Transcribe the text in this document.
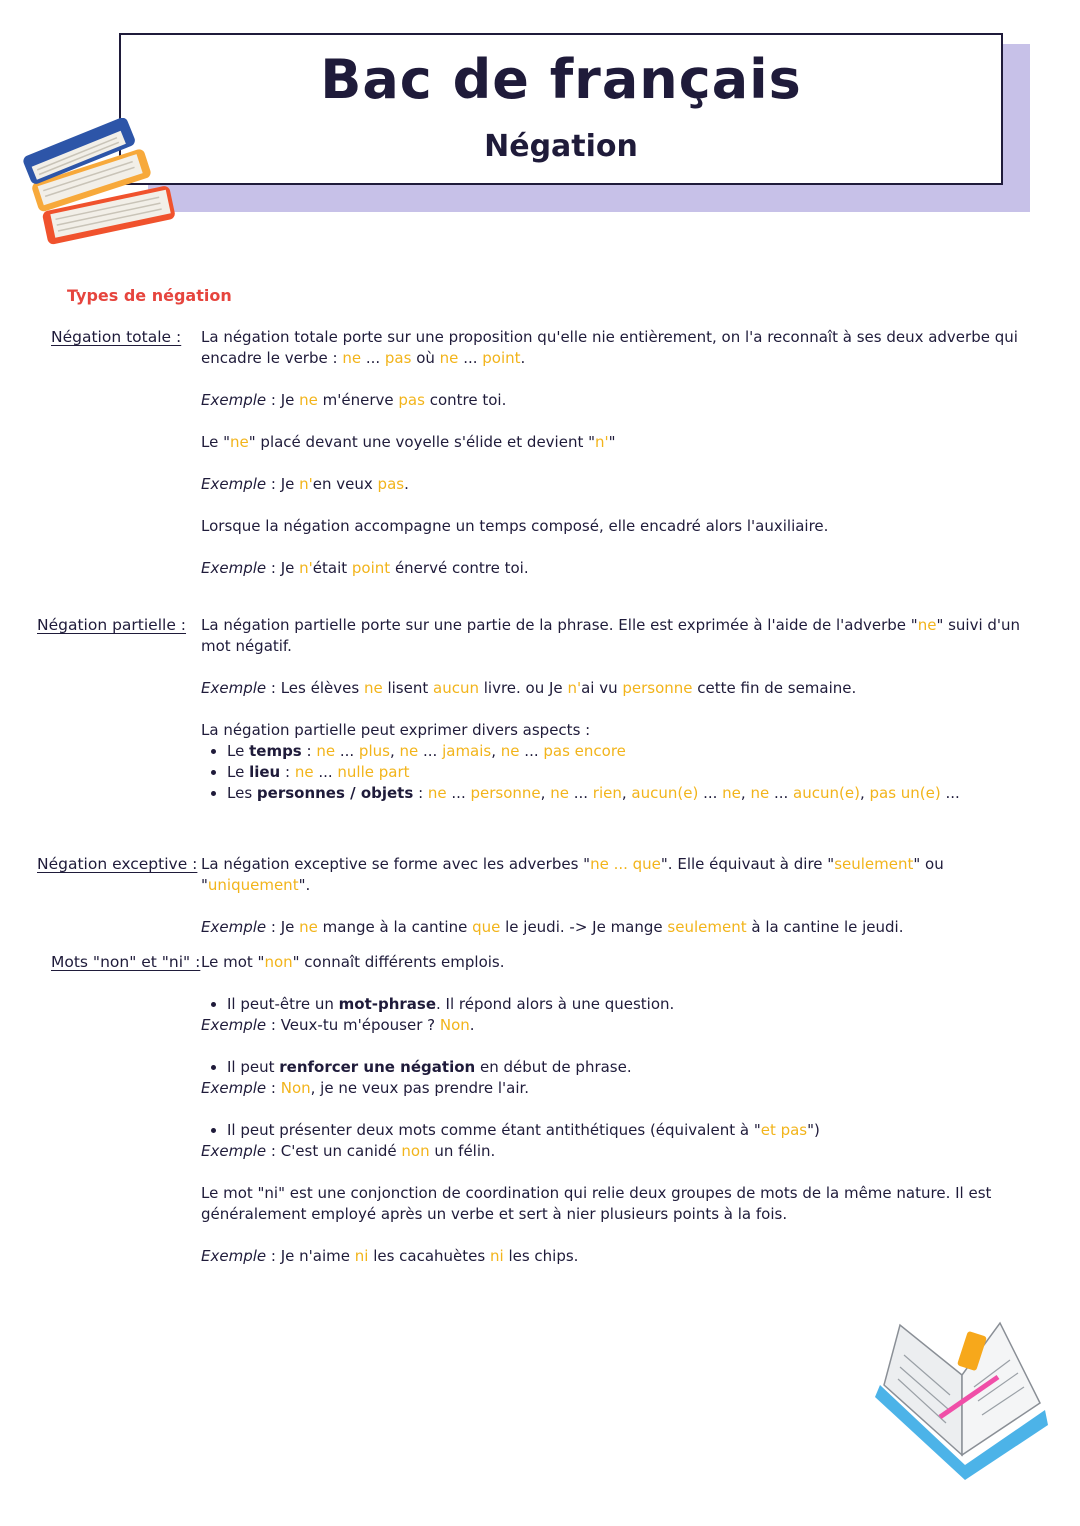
Bac de français
Négation
Types de négation
Négation totale : La négation totale porte sur une proposition qu'elle nie entièrement, on l'a reconnaît à ses deux adverbe qui encadre le verbe : ne ... pas où ne ... point.

Exemple : Je ne m'énerve pas contre toi.

Le "ne" placé devant une voyelle s'élide et devient "n'"

Exemple : Je n'en veux pas.

Lorsque la négation accompagne un temps composé, elle encadré alors l'auxiliaire.

Exemple : Je n'était point énervé contre toi.

Négation partielle : La négation partielle porte sur une partie de la phrase. Elle est exprimée à l'aide de l'adverbe "ne" suivi d'un mot négatif.

Exemple : Les élèves ne lisent aucun livre. ou Je n'ai vu personne cette fin de semaine.

La négation partielle peut exprimer divers aspects :

• Le temps : ne ... plus, ne ... jamais, ne ... pas encore
• Le lieu : ne ... nulle part
• Les personnes / objets : ne ... personne, ne ... rien, aucun(e) ... ne, ne ... aucun(e), pas un(e) ...
Négation exceptive : La négation exceptive se forme avec les adverbes "ne ... que". Elle équivaut à dire "seulement" ou "uniquement".

Exemple : Je ne mange à la cantine que le jeudi. -> Je mange seulement à la cantine le jeudi.

Mots "non" et "ni" : Le mot "non" connaît différents emplois.

• Il peut-être un mot-phrase. Il répond alors à une question.

Exemple : Veux-tu m'épouser ? Non.

• Il peut renforcer une négation en début de phrase.

Exemple : Non, je ne veux pas prendre l'air.

• Il peut présenter deux mots comme étant antithétiques (équivalent à "et pas")

Exemple : C'est un canidé non un félin.

Le mot "ni" est une conjonction de coordination qui relie deux groupes de mots de la même nature. Il est généralement employé après un verbe et sert à nier plusieurs points à la fois.

Exemple : Je n'aime ni les cacahuètes ni les chips.
